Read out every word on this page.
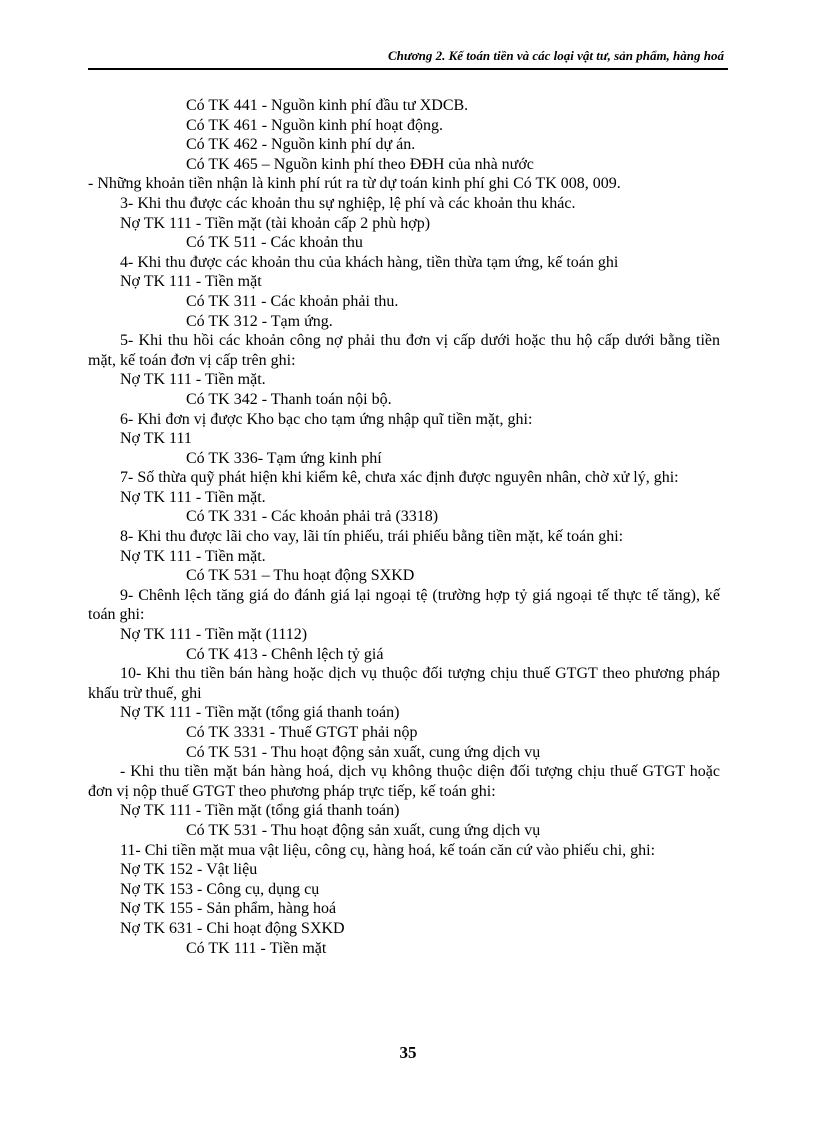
Chương 2. Kế toán tiền và các loại vật tư, sản phẩm, hàng hoá
Có TK 441 - Nguồn kinh phí đầu tư XDCB.
Có TK 461 - Nguồn kinh phí hoạt động.
Có TK 462 - Nguồn kinh phí dự án.
Có TK 465 – Nguồn kinh phí theo ĐĐH của nhà nước
- Những khoản tiền nhận là kinh phí rút ra từ dự toán kinh phí ghi Có TK 008, 009.
3- Khi thu được các khoản thu sự nghiệp, lệ phí và các khoản thu khác.
Nợ TK 111 - Tiền mặt (tài khoản cấp 2 phù hợp)
Có TK 511 - Các khoản thu
4- Khi thu được các khoản thu của khách hàng, tiền thừa tạm ứng, kế toán ghi
Nợ TK 111 - Tiền mặt
Có TK 311 - Các khoản phải thu.
Có TK 312 - Tạm ứng.
5- Khi thu hồi các khoản công nợ phải thu đơn vị cấp dưới hoặc thu hộ cấp dưới bằng tiền mặt, kế toán đơn vị cấp trên ghi:
Nợ TK 111 - Tiền mặt.
Có TK 342 - Thanh toán nội bộ.
6- Khi đơn vị được Kho bạc cho tạm ứng nhập quĩ tiền mặt, ghi:
Nợ TK 111
Có TK 336- Tạm ứng kinh phí
7- Số thừa quỹ phát hiện khi kiểm kê, chưa xác định được nguyên nhân, chờ xử lý, ghi:
Nợ TK 111 - Tiền mặt.
Có TK 331 - Các khoản phải trả (3318)
8- Khi thu được lãi cho vay, lãi tín phiếu, trái phiếu bằng tiền mặt, kế toán ghi:
Nợ TK 111 - Tiền mặt.
Có TK 531 – Thu hoạt động SXKD
9- Chênh lệch tăng giá do đánh giá lại ngoại tệ (trường hợp tỷ giá ngoại tế thực tế tăng), kế toán ghi:
Nợ TK 111 - Tiền mặt (1112)
Có TK 413 - Chênh lệch tỷ giá
10- Khi thu tiền bán hàng hoặc dịch vụ thuộc đối tượng chịu thuế GTGT theo phương pháp khấu trừ thuế, ghi
Nợ TK 111 - Tiền mặt (tổng giá thanh toán)
Có TK 3331 - Thuế GTGT phải nộp
Có TK 531 - Thu hoạt động sản xuất, cung ứng dịch vụ
- Khi thu tiền mặt bán hàng hoá, dịch vụ không thuộc diện đối tượng chịu thuế GTGT hoặc đơn vị nộp thuế GTGT theo phương pháp trực tiếp, kế toán ghi:
Nợ TK 111 - Tiền mặt (tổng giá thanh toán)
Có TK 531 - Thu hoạt động sản xuất, cung ứng dịch vụ
11- Chi tiền mặt mua vật liệu, công cụ, hàng hoá, kế toán căn cứ vào phiếu chi, ghi:
Nợ TK 152 - Vật liệu
Nợ TK 153 - Công cụ, dụng cụ
Nợ TK 155 - Sản phẩm, hàng hoá
Nợ TK 631 - Chi hoạt động SXKD
Có TK 111 - Tiền mặt
35
